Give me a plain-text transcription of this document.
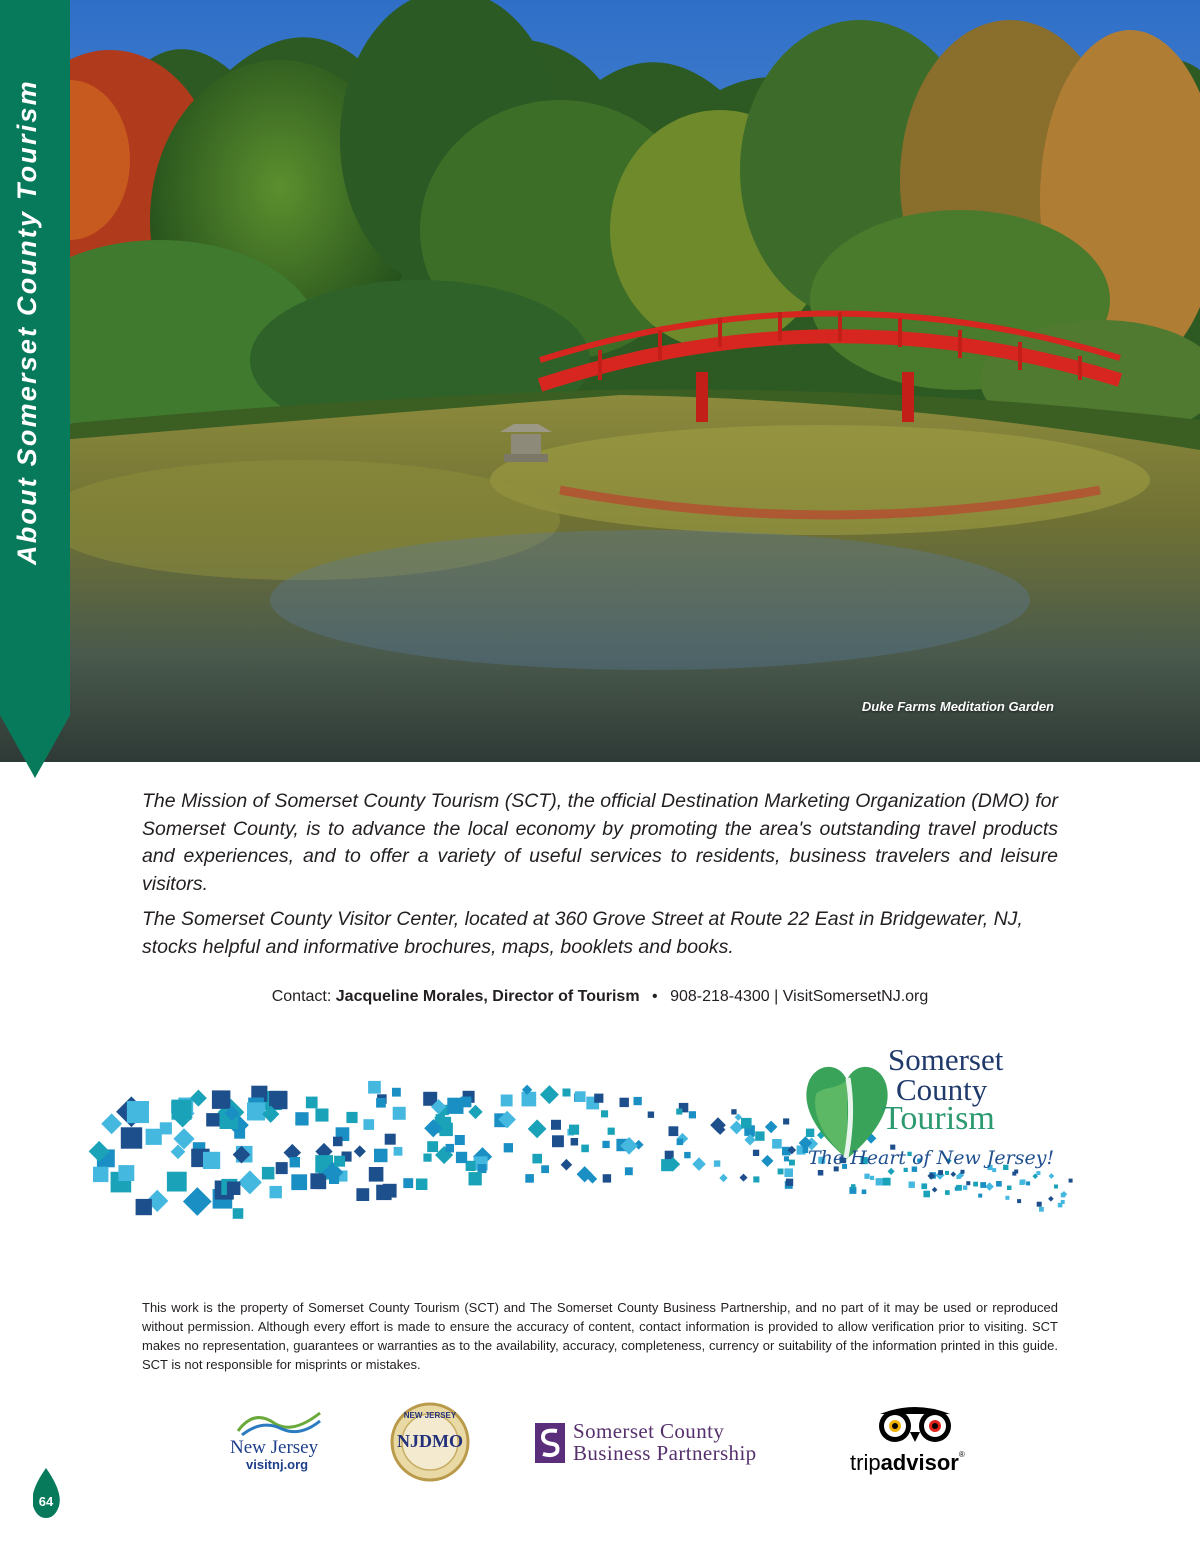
Duke Farms Meditation Garden
About Somerset County Tourism

The Mission of Somerset County Tourism (SCT), the official Destination Marketing Organization (DMO) for Somerset County, is to advance the local economy by promoting the area's outstanding travel products and experiences, and to offer a variety of useful services to residents, business travelers and leisure visitors.

The Somerset County Visitor Center, located at 360 Grove Street at Route 22 East in Bridgewater, NJ, stocks helpful and informative brochures, maps, booklets and books.

Contact: Jacqueline Morales, Director of Tourism • 908-218-4300 | VisitSomersetNJ.org
Somerset
County
Tourism
The Heart of New Jersey!
This work is the property of Somerset County Tourism (SCT) and The Somerset County Business Partnership, and no part of it may be used or reproduced without permission. Although every effort is made to ensure the accuracy of content, contact information is provided to allow verification prior to visiting. SCT makes no representation, guarantees or warranties as to the availability, accuracy, completeness, currency or suitability of the information printed in this guide. SCT is not responsible for misprints or mistakes.
New Jersey
visitnj.org
NEW JERSEY
NJDMO	Somerset County
Business Partnership	tripadvisor®
64
